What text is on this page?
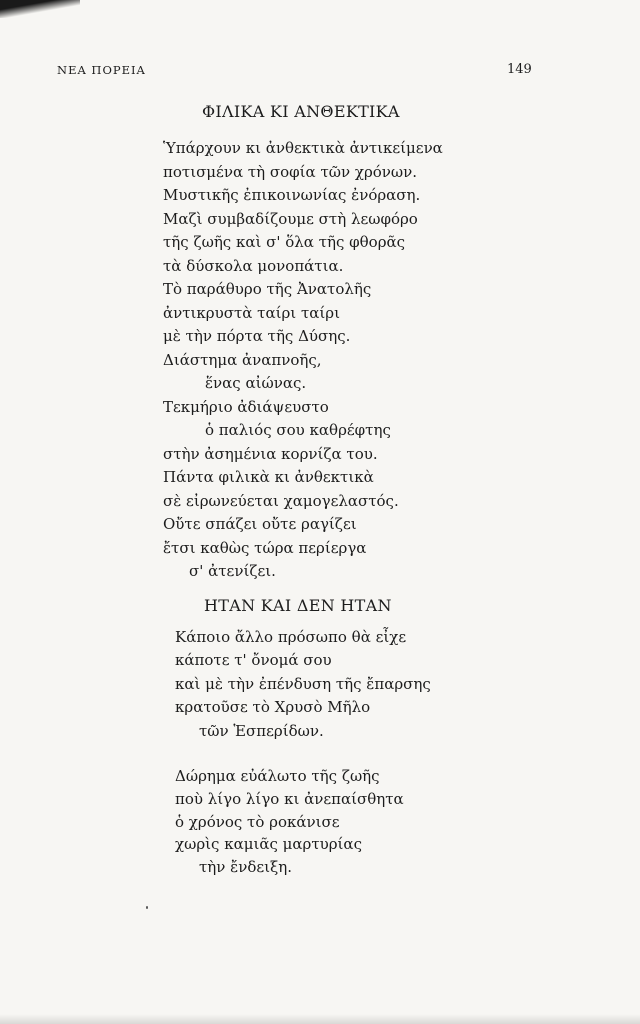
ΝΕΑ ΠΟΡΕΙΑ	149
ΦΙΛΙΚΑ ΚΙ ΑΝΘΕΚΤΙΚΑ
Ὑπάρχουν κι ἀνθεκτικὰ ἀντικείμενα
ποτισμένα τὴ σοφία τῶν χρόνων.
Μυστικῆς ἐπικοινωνίας ἐνόραση.
Μαζὶ συμβαδίζουμε στὴ λεωφόρο
τῆς ζωῆς καὶ σ' ὅλα τῆς φθορᾶς
τὰ δύσκολα μονοπάτια.
Τὸ παράθυρο τῆς Ἀνατολῆς
ἀντικρυστὰ ταίρι ταίρι
μὲ τὴν πόρτα τῆς Δύσης.
Διάστημα ἀναπνοῆς,
ἕνας αἰώνας.
Τεκμήριο ἀδιάψευστο
ὁ παλιός σου καθρέφτης
στὴν ἀσημένια κορνίζα του.
Πάντα φιλικὰ κι ἀνθεκτικὰ
σὲ εἰρωνεύεται χαμογελαστός.
Οὔτε σπάζει οὔτε ραγίζει
ἔτσι καθὼς τώρα περίεργα
σ' ἀτενίζει.
ΗΤΑΝ ΚΑΙ ΔΕΝ ΗΤΑΝ
Κάποιο ἄλλο πρόσωπο θὰ εἶχε
κάποτε τ' ὄνομά σου
καὶ μὲ τὴν ἐπένδυση τῆς ἔπαρσης
κρατοῦσε τὸ Χρυσὸ Μῆλο
τῶν Ἑσπερίδων.
Δώρημα εὐάλωτο τῆς ζωῆς
ποὺ λίγο λίγο κι ἀνεπαίσθητα
ὁ χρόνος τὸ ροκάνισε
χωρὶς καμιᾶς μαρτυρίας
τὴν ἔνδειξη.
